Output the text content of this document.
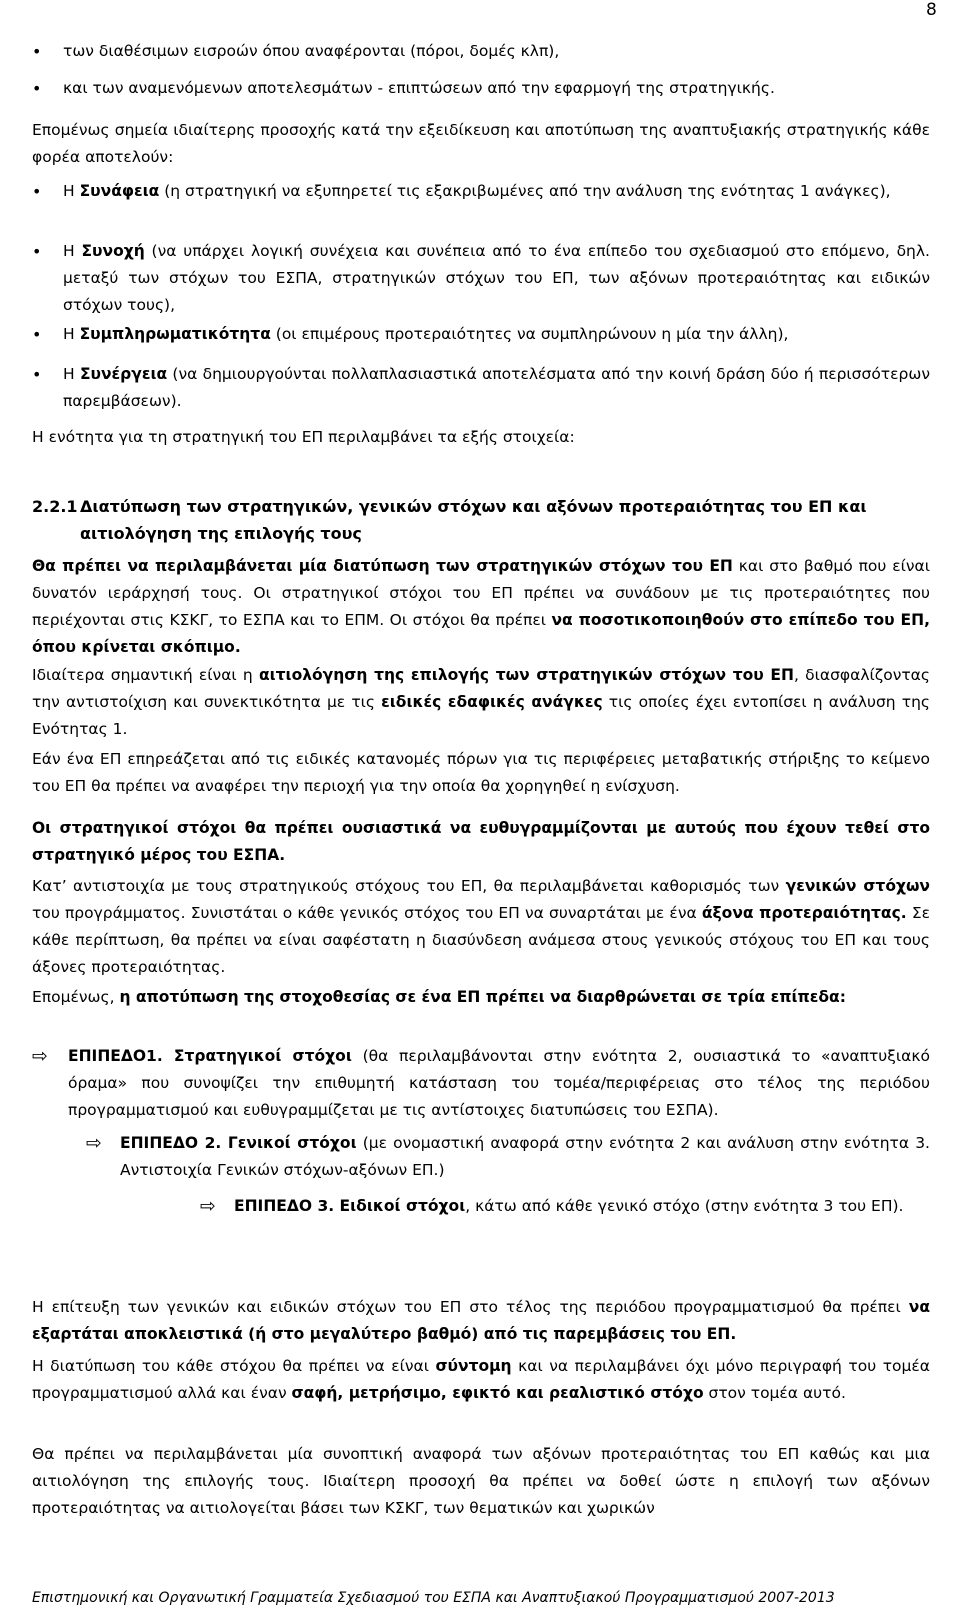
8
• των διαθέσιμων εισροών όπου αναφέρονται (πόροι, δομές κλπ),

• και των αναμενόμενων αποτελεσμάτων - επιπτώσεων από την εφαρμογή της στρατηγικής.

Επομένως σημεία ιδιαίτερης προσοχής κατά την εξειδίκευση και αποτύπωση της αναπτυξιακής στρατηγικής κάθε φορέα αποτελούν:

• Η Συνάφεια (η στρατηγική να εξυπηρετεί τις εξακριβωμένες από την ανάλυση της ενότητας 1 ανάγκες),

• Η Συνοχή (να υπάρχει λογική συνέχεια και συνέπεια από το ένα επίπεδο του σχεδιασμού στο επόμενο, δηλ. μεταξύ των στόχων του ΕΣΠΑ, στρατηγικών στόχων του ΕΠ, των αξόνων προτεραιότητας και ειδικών στόχων τους),

• Η Συμπληρωματικότητα (οι επιμέρους προτεραιότητες να συμπληρώνουν η μία την άλλη),

• Η Συνέργεια (να δημιουργούνται πολλαπλασιαστικά αποτελέσματα από την κοινή δράση δύο ή περισσότερων παρεμβάσεων).

Η ενότητα για τη στρατηγική του ΕΠ περιλαμβάνει τα εξής στοιχεία:

2.2.1 Διατύπωση των στρατηγικών, γενικών στόχων και αξόνων προτεραιότητας του ΕΠ και αιτιολόγηση της επιλογής τους

Θα πρέπει να περιλαμβάνεται μία διατύπωση των στρατηγικών στόχων του ΕΠ και στο βαθμό που είναι δυνατόν ιεράρχησή τους. Οι στρατηγικοί στόχοι του ΕΠ πρέπει να συνάδουν με τις προτεραιότητες που περιέχονται στις ΚΣΚΓ, το ΕΣΠΑ και το ΕΠΜ. Οι στόχοι θα πρέπει να ποσοτικοποιηθούν στο επίπεδο του ΕΠ, όπου κρίνεται σκόπιμο.

Ιδιαίτερα σημαντική είναι η αιτιολόγηση της επιλογής των στρατηγικών στόχων του ΕΠ, διασφαλίζοντας την αντιστοίχιση και συνεκτικότητα με τις ειδικές εδαφικές ανάγκες τις οποίες έχει εντοπίσει η ανάλυση της Ενότητας 1.

Εάν ένα ΕΠ επηρεάζεται από τις ειδικές κατανομές πόρων για τις περιφέρειες μεταβατικής στήριξης το κείμενο του ΕΠ θα πρέπει να αναφέρει την περιοχή για την οποία θα χορηγηθεί η ενίσχυση.

Οι στρατηγικοί στόχοι θα πρέπει ουσιαστικά να ευθυγραμμίζονται με αυτούς που έχουν τεθεί στο στρατηγικό μέρος του ΕΣΠΑ.

Κατ’ αντιστοιχία με τους στρατηγικούς στόχους του ΕΠ, θα περιλαμβάνεται καθορισμός των γενικών στόχων του προγράμματος. Συνιστάται ο κάθε γενικός στόχος του ΕΠ να συναρτάται με ένα άξονα προτεραιότητας. Σε κάθε περίπτωση, θα πρέπει να είναι σαφέστατη η διασύνδεση ανάμεσα στους γενικούς στόχους του ΕΠ και τους άξονες προτεραιότητας.

Επομένως, η αποτύπωση της στοχοθεσίας σε ένα ΕΠ πρέπει να διαρθρώνεται σε τρία επίπεδα:

⇨ ΕΠΙΠΕΔΟ1. Στρατηγικοί στόχοι (θα περιλαμβάνονται στην ενότητα 2, ουσιαστικά το «αναπτυξιακό όραμα» που συνοψίζει την επιθυμητή κατάσταση του τομέα/περιφέρειας στο τέλος της περιόδου προγραμματισμού και ευθυγραμμίζεται με τις αντίστοιχες διατυπώσεις του ΕΣΠΑ).

⇨ ΕΠΙΠΕΔΟ 2. Γενικοί στόχοι (με ονομαστική αναφορά στην ενότητα 2 και ανάλυση στην ενότητα 3. Αντιστοιχία Γενικών στόχων-αξόνων ΕΠ.)

⇨ ΕΠΙΠΕΔΟ 3. Ειδικοί στόχοι, κάτω από κάθε γενικό στόχο (στην ενότητα 3 του ΕΠ).

Η επίτευξη των γενικών και ειδικών στόχων του ΕΠ στο τέλος της περιόδου προγραμματισμού θα πρέπει να εξαρτάται αποκλειστικά (ή στο μεγαλύτερο βαθμό) από τις παρεμβάσεις του ΕΠ.

Η διατύπωση του κάθε στόχου θα πρέπει να είναι σύντομη και να περιλαμβάνει όχι μόνο περιγραφή του τομέα προγραμματισμού αλλά και έναν σαφή, μετρήσιμο, εφικτό και ρεαλιστικό στόχο στον τομέα αυτό.

Θα πρέπει να περιλαμβάνεται μία συνοπτική αναφορά των αξόνων προτεραιότητας του ΕΠ καθώς και μια αιτιολόγηση της επιλογής τους. Ιδιαίτερη προσοχή θα πρέπει να δοθεί ώστε η επιλογή των αξόνων προτεραιότητας να αιτιολογείται βάσει των ΚΣΚΓ, των θεματικών και χωρικών

Επιστημονική και Οργανωτική Γραμματεία Σχεδιασμού του ΕΣΠΑ και Αναπτυξιακού Προγραμματισμού 2007-2013
